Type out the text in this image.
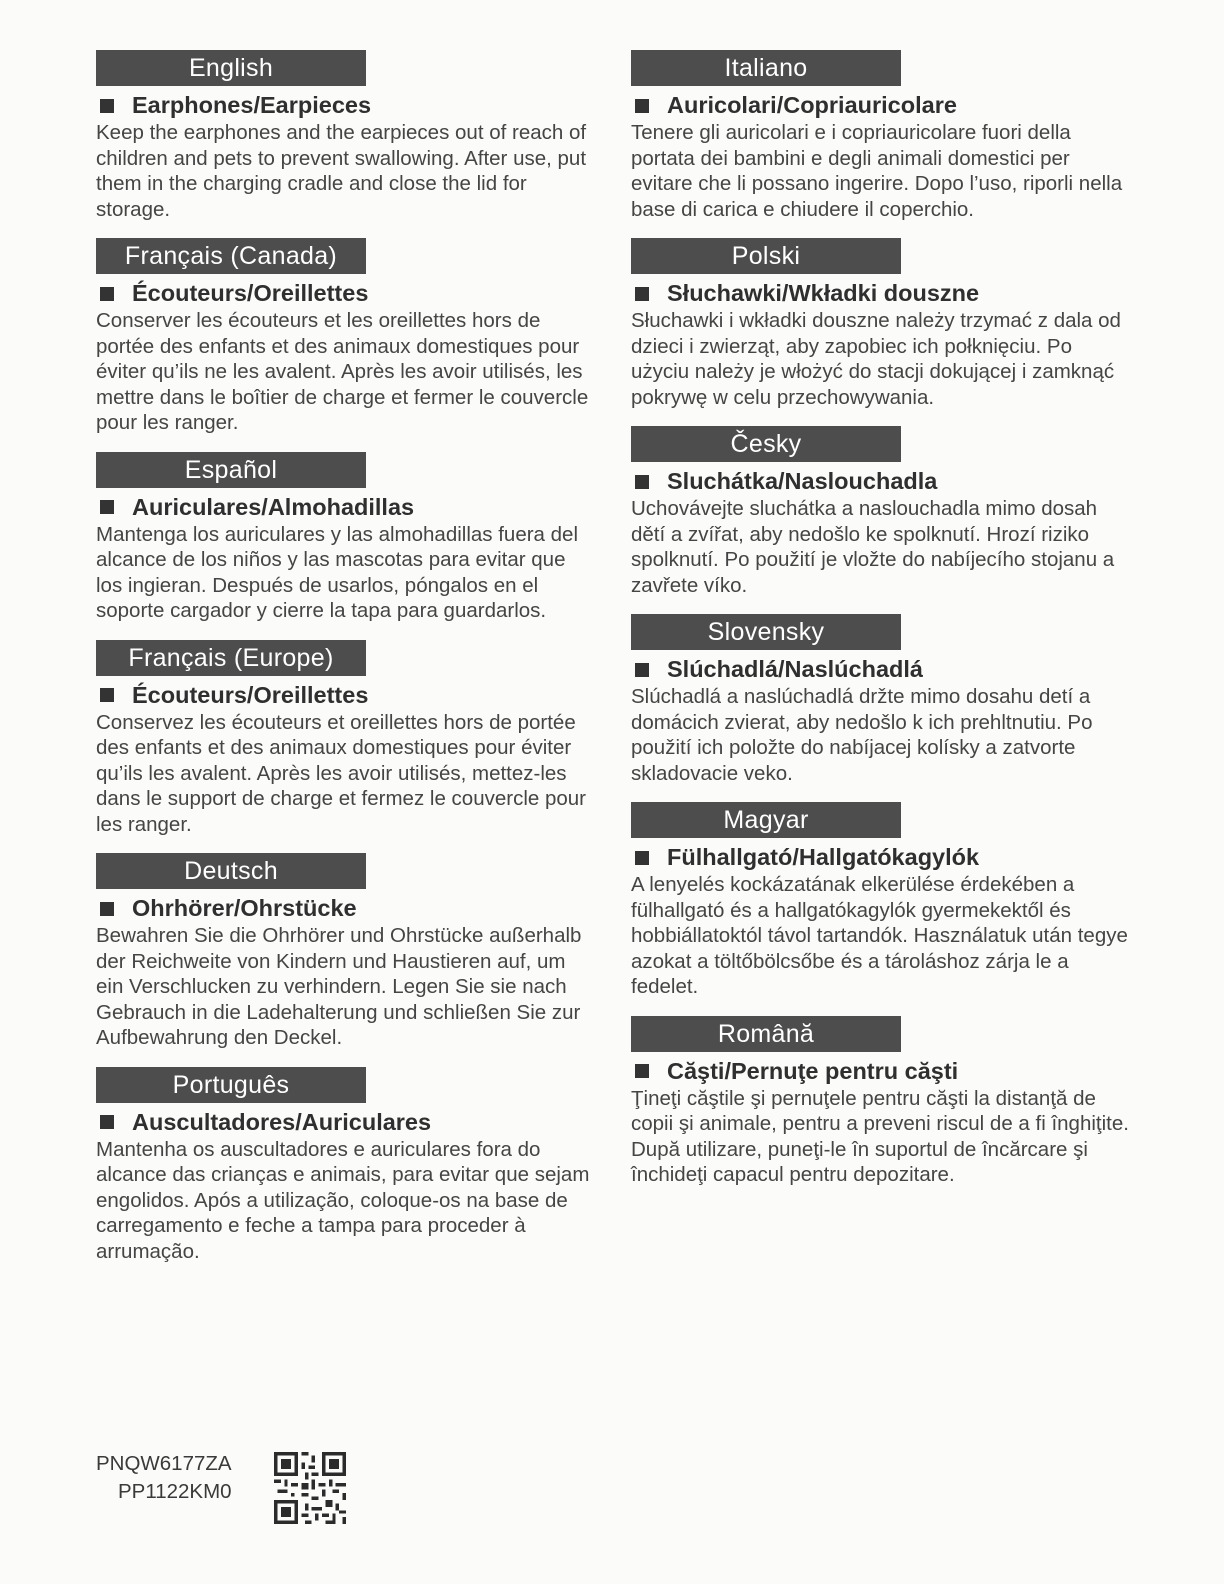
English
Earphones/Earpieces
Keep the earphones and the earpieces out of reach of children and pets to prevent swallowing. After use, put them in the charging cradle and close the lid for storage.
Français (Canada)
Écouteurs/Oreillettes
Conserver les écouteurs et les oreillettes hors de portée des enfants et des animaux domestiques pour éviter qu’ils ne les avalent. Après les avoir utilisés, les mettre dans le boîtier de charge et fermer le couvercle pour les ranger.
Español
Auriculares/Almohadillas
Mantenga los auriculares y las almohadillas fuera del alcance de los niños y las mascotas para evitar que los ingieran. Después de usarlos, póngalos en el soporte cargador y cierre la tapa para guardarlos.
Français (Europe)
Écouteurs/Oreillettes
Conservez les écouteurs et oreillettes hors de portée des enfants et des animaux domestiques pour éviter qu’ils les avalent. Après les avoir utilisés, mettez-les dans le support de charge et fermez le couvercle pour les ranger.
Deutsch
Ohrhörer/Ohrstücke
Bewahren Sie die Ohrhörer und Ohrstücke außerhalb der Reichweite von Kindern und Haustieren auf, um ein Verschlucken zu verhindern. Legen Sie sie nach Gebrauch in die Ladehalterung und schließen Sie zur Aufbewahrung den Deckel.
Português
Auscultadores/Auriculares
Mantenha os auscultadores e auriculares fora do alcance das crianças e animais, para evitar que sejam engolidos. Após a utilização, coloque-os na base de carregamento e feche a tampa para proceder à arrumação.
Italiano
Auricolari/Copriauricolare
Tenere gli auricolari e i copriauricolare fuori della portata dei bambini e degli animali domestici per evitare che li possano ingerire. Dopo l’uso, riporli nella base di carica e chiudere il coperchio.
Polski
Słuchawki/Wkładki douszne
Słuchawki i wkładki douszne należy trzymać z dala od dzieci i zwierząt, aby zapobiec ich połknięciu. Po użyciu należy je włożyć do stacji dokującej i zamknąć pokrywę w celu przechowywania.
Česky
Sluchátka/Naslouchadla
Uchovávejte sluchátka a naslouchadla mimo dosah dětí a zvířat, aby nedošlo ke spolknutí. Hrozí riziko spolknutí. Po použití je vložte do nabíjecího stojanu a zavřete víko.
Slovensky
Slúchadlá/Naslúchadlá
Slúchadlá a naslúchadlá držte mimo dosahu detí a domácich zvierat, aby nedošlo k ich prehltnutiu. Po použití ich položte do nabíjacej kolísky a zatvorte skladovacie veko.
Magyar
Fülhallgató/Hallgatókagylók
A lenyelés kockázatának elkerülése érdekében a fülhallgató és a hallgatókagylók gyermekektől és hobbiállatoktól távol tartandók. Használatuk után tegye azokat a töltőbölcsőbe és a tároláshoz zárja le a fedelet.
Română
Căşti/Pernuţe pentru căşti
Ţineţi căştile şi pernuţele pentru căşti la distanţă de copii şi animale, pentru a preveni riscul de a fi înghiţite. După utilizare, puneţi-le în suportul de încărcare şi închideţi capacul pentru depozitare.
PNQW6177ZA
PP1122KM0
